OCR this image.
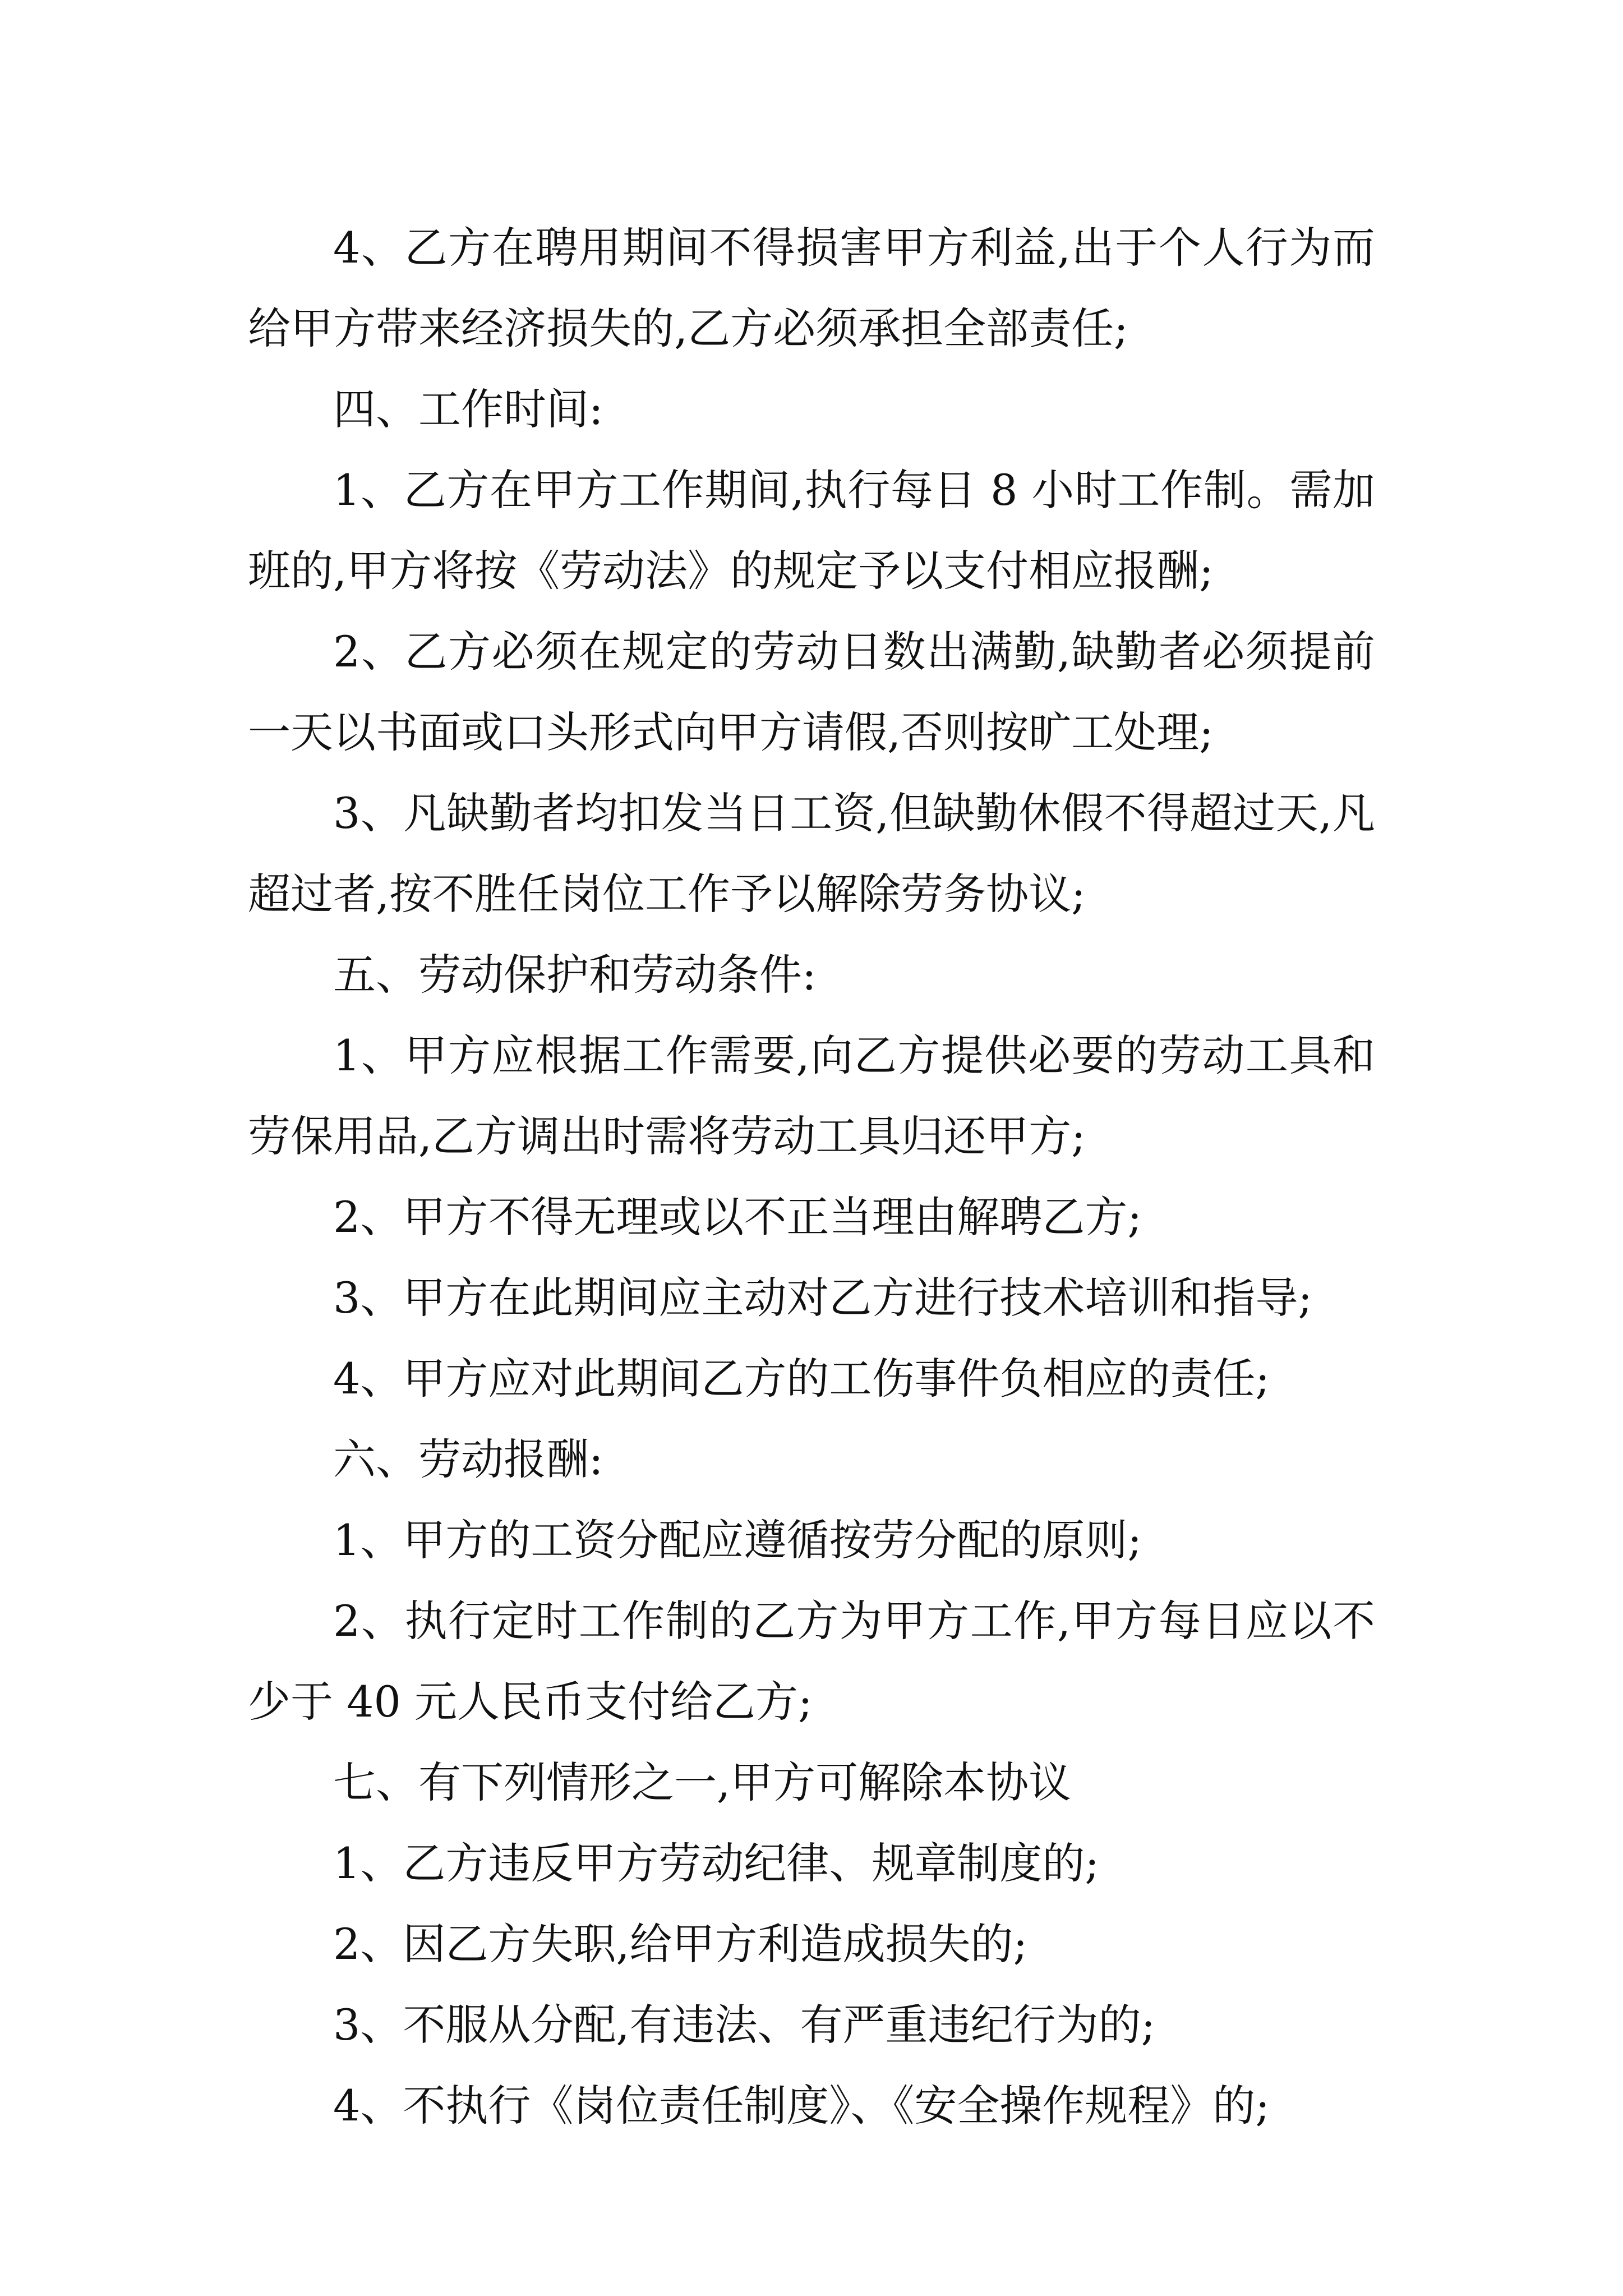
4、乙方在聘用期间不得损害甲方利益,出于个人行为而给甲方带来经济损失的,乙方必须承担全部责任;

四、工作时间:

1、乙方在甲方工作期间,执行每日 8 小时工作制。需加班的,甲方将按《劳动法》的规定予以支付相应报酬;

2、乙方必须在规定的劳动日数出满勤,缺勤者必须提前一天以书面或口头形式向甲方请假,否则按旷工处理;

3、凡缺勤者均扣发当日工资,但缺勤休假不得超过天,凡超过者,按不胜任岗位工作予以解除劳务协议;

五、劳动保护和劳动条件:

1、甲方应根据工作需要,向乙方提供必要的劳动工具和劳保用品,乙方调出时需将劳动工具归还甲方;

2、甲方不得无理或以不正当理由解聘乙方;

3、甲方在此期间应主动对乙方进行技术培训和指导;

4、甲方应对此期间乙方的工伤事件负相应的责任;

六、劳动报酬:

1、甲方的工资分配应遵循按劳分配的原则;

2、执行定时工作制的乙方为甲方工作,甲方每日应以不少于 40 元人民币支付给乙方;

七、有下列情形之一,甲方可解除本协议

1、乙方违反甲方劳动纪律、规章制度的;

2、因乙方失职,给甲方利造成损失的;

3、不服从分配,有违法、有严重违纪行为的;

4、不执行《岗位责任制度》、《安全操作规程》的;
